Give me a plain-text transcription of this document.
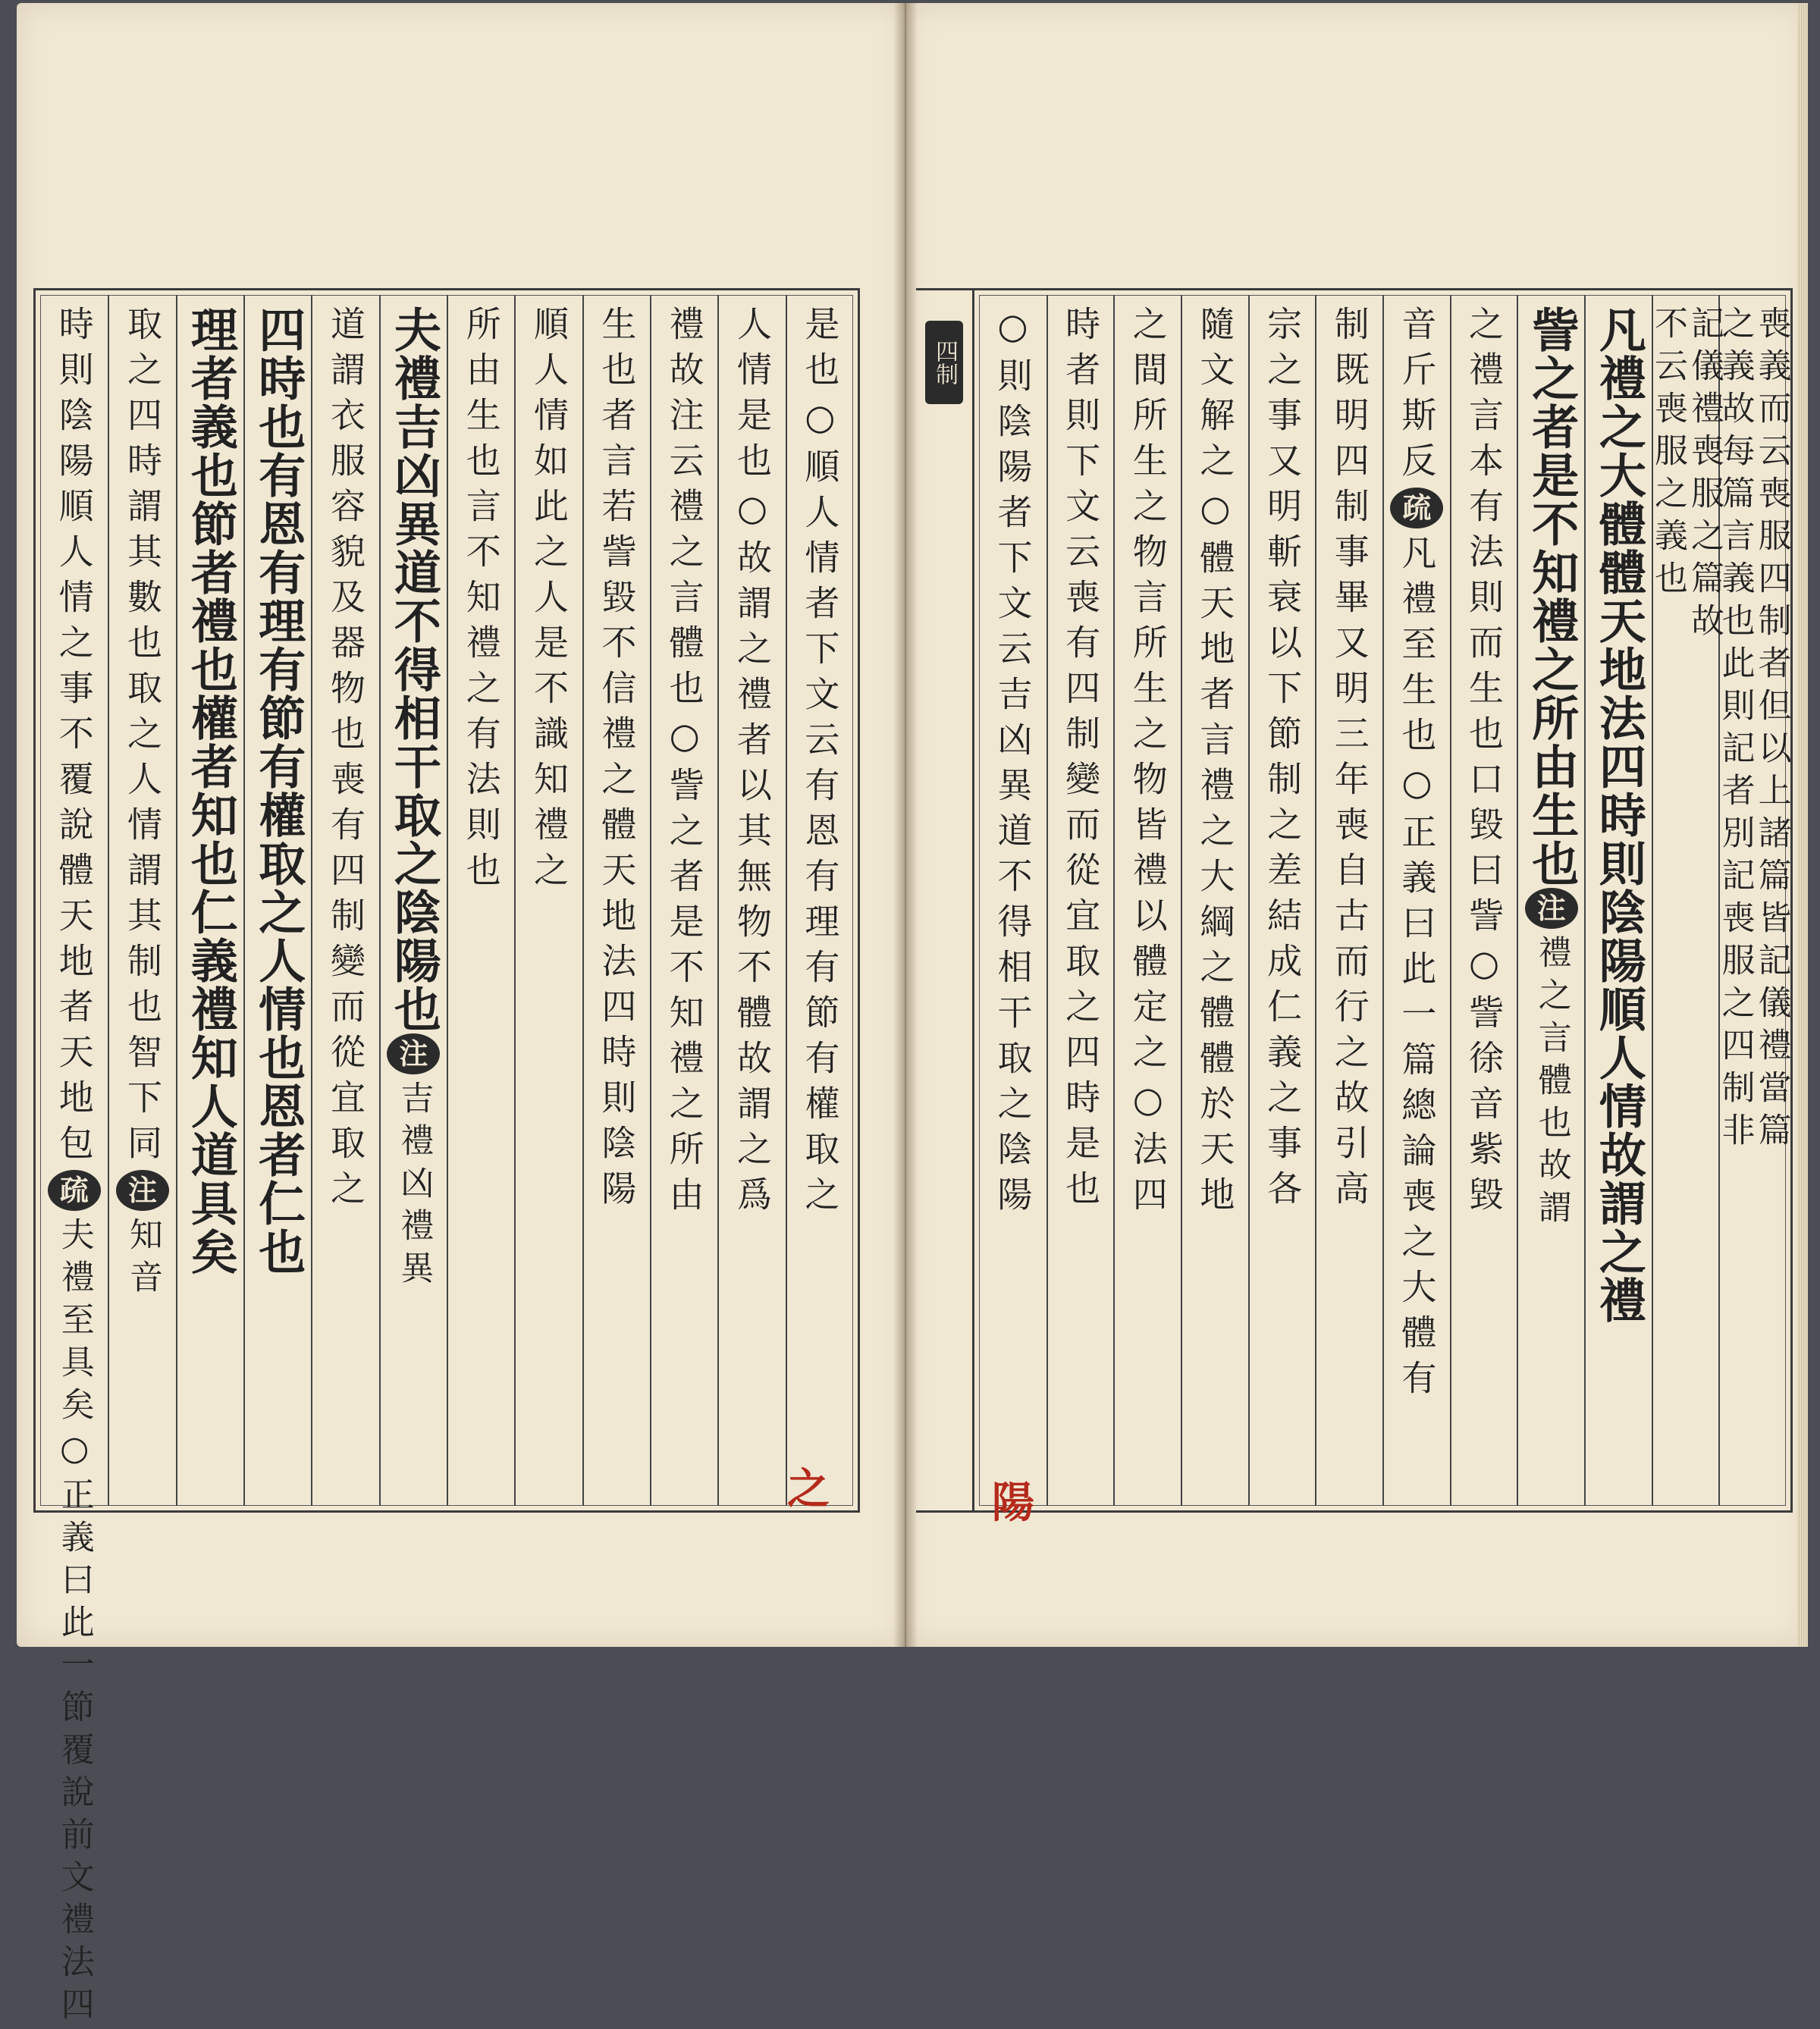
喪義而云喪服四制者但以上諸篇皆記儀禮當篇
之義故每篇言義也此則記者別記喪服之四制非
記儀禮喪服之篇故
不云喪服之義也
凡禮之大體體天地法四時則陰陽順人情故謂之禮
訾之者是不知禮之所由生也
注
禮之言體也故謂
之禮言本有法則而生也口毀曰訾○訾徐音紫毀
音斤斯反
疏
凡禮至生也○正義曰此一篇總論喪之大體有
制既明四制事畢又明三年喪自古而行之故引高
宗之事又明斬衰以下節制之差結成仁義之事各
隨文解之○體天地者言禮之大綱之體體於天地
之間所生之物言所生之物皆禮以體定之○法四
時者則下文云喪有四制變而從宜取之四時是也
○則陰陽者下文云吉凶異道不得相干取之陰陽
四制
是也○順人情者下文云有恩有理有節有權取之
人情是也○故謂之禮者以其無物不體故謂之爲
禮故注云禮之言體也○訾之者是不知禮之所由
生也者言若訾毀不信禮之體天地法四時則陰陽
順人情如此之人是不識知禮之
所由生也言不知禮之有法則也
夫禮吉凶異道不得相干取之陰陽也
注
吉禮凶禮異
道謂衣服容貌及器物也喪有四制變而從宜取之
四時也有恩有理有節有權取之人情也恩者仁也
理者義也節者禮也權者知也仁義禮知人道具矣
取之四時謂其數也取之人情謂其制也智下同
注
知音
時則陰陽順人情之事不覆說體天地者天地包
疏
夫禮至具矣○正義曰此一節覆說前文禮法四	之	陽
